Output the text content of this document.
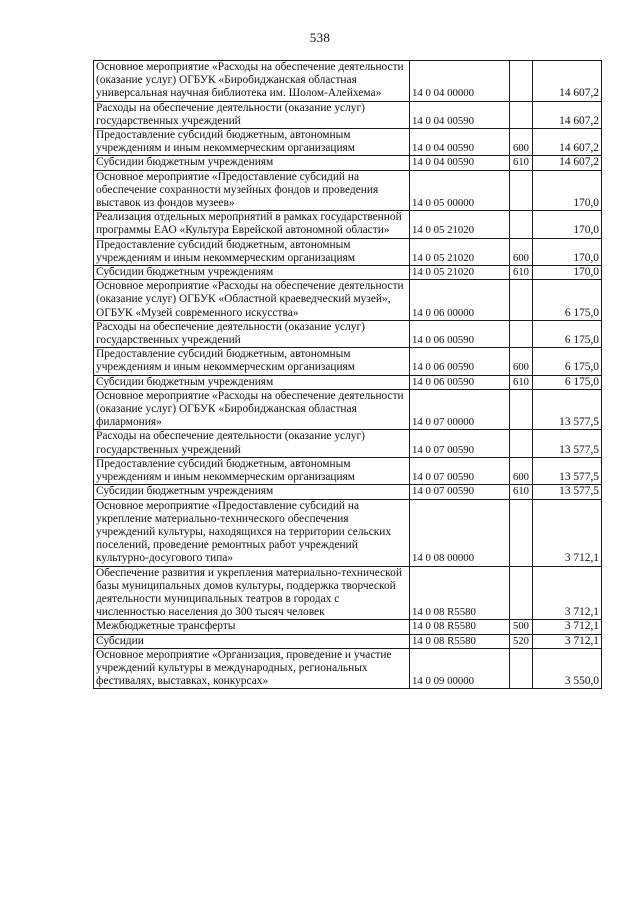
538
Основное мероприятие «Расходы на обеспечение деятельности (оказание услуг) ОГБУК «Биробиджанская областная универсальная научная библиотека им. Шолом-Алейхема»	14 0 04 00000		14 607,2
Расходы на обеспечение деятельности (оказание услуг) государственных учреждений	14 0 04 00590		14 607,2
Предоставление субсидий бюджетным, автономным учреждениям и иным некоммерческим организациям	14 0 04 00590	600	14 607,2
Субсидии бюджетным учреждениям	14 0 04 00590	610	14 607,2
Основное мероприятие «Предоставление субсидий на обеспечение сохранности музейных фондов и проведения выставок из фондов музеев»	14 0 05 00000		170,0
Реализация отдельных мероприятий в рамках государственной программы ЕАО «Культура Еврейской автономной области»	14 0 05 21020		170,0
Предоставление субсидий бюджетным, автономным учреждениям и иным некоммерческим организациям	14 0 05 21020	600	170,0
Субсидии бюджетным учреждениям	14 0 05 21020	610	170,0
Основное мероприятие «Расходы на обеспечение деятельности (оказание услуг) ОГБУК «Областной краеведческий музей», ОГБУК «Музей современного искусства»	14 0 06 00000		6 175,0
Расходы на обеспечение деятельности (оказание услуг) государственных учреждений	14 0 06 00590		6 175,0
Предоставление субсидий бюджетным, автономным учреждениям и иным некоммерческим организациям	14 0 06 00590	600	6 175,0
Субсидии бюджетным учреждениям	14 0 06 00590	610	6 175,0
Основное мероприятие «Расходы на обеспечение деятельности (оказание услуг) ОГБУК «Биробиджанская областная филармония»	14 0 07 00000		13 577,5
Расходы на обеспечение деятельности (оказание услуг) государственных учреждений	14 0 07 00590		13 577,5
Предоставление субсидий бюджетным, автономным учреждениям и иным некоммерческим организациям	14 0 07 00590	600	13 577,5
Субсидии бюджетным учреждениям	14 0 07 00590	610	13 577,5
Основное мероприятие «Предоставление субсидий на укрепление материально-технического обеспечения учреждений культуры, находящихся на территории сельских поселений, проведение ремонтных работ учреждений культурно-досугового типа»	14 0 08 00000		3 712,1
Обеспечение развития и укрепления материально-технической базы муниципальных домов культуры, поддержка творческой деятельности муниципальных театров в городах с численностью населения до 300 тысяч человек	14 0 08 R5580		3 712,1
Межбюджетные трансферты	14 0 08 R5580	500	3 712,1
Субсидии	14 0 08 R5580	520	3 712,1
Основное мероприятие «Организация, проведение и участие учреждений культуры в международных, региональных фестивалях, выставках, конкурсах»	14 0 09 00000		3 550,0
